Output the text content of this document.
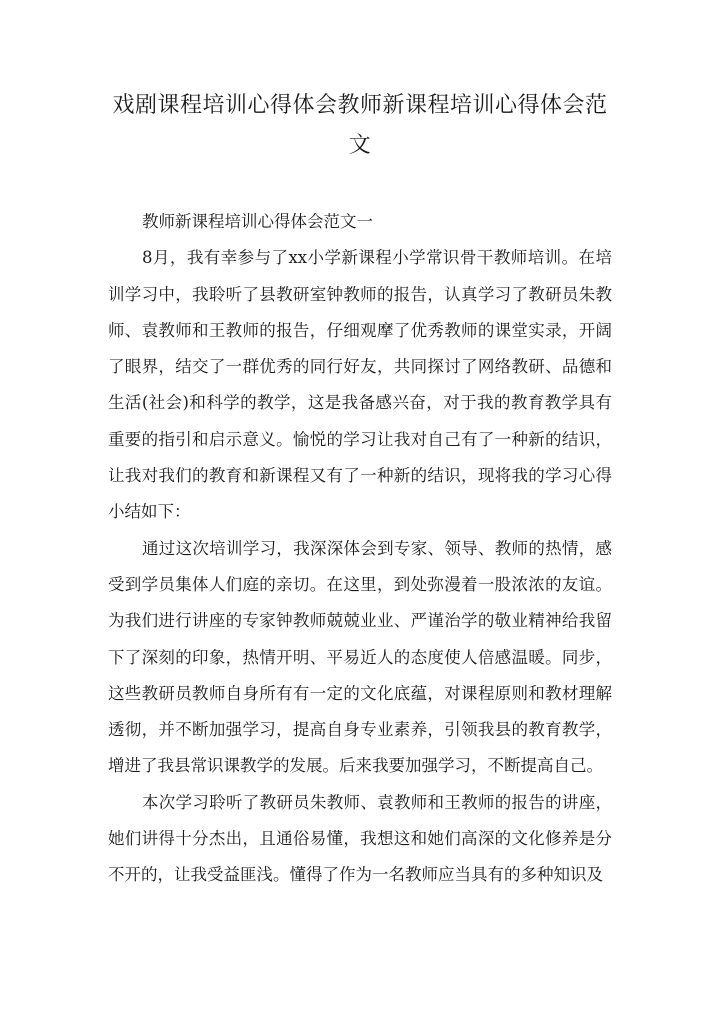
戏剧课程培训心得体会教师新课程培训心得体会范文

教师新课程培训心得体会范文一

8月，我有幸参与了xx小学新课程小学常识骨干教师培训。在培训学习中，我聆听了县教研室钟教师的报告，认真学习了教研员朱教师、袁教师和王教师的报告，仔细观摩了优秀教师的课堂实录，开阔了眼界，结交了一群优秀的同行好友，共同探讨了网络教研、品德和生活(社会)和科学的教学，这是我备感兴奋，对于我的教育教学具有重要的指引和启示意义。愉悦的学习让我对自己有了一种新的结识，让我对我们的教育和新课程又有了一种新的结识，现将我的学习心得小结如下：

通过这次培训学习，我深深体会到专家、领导、教师的热情，感受到学员集体人们庭的亲切。在这里，到处弥漫着一股浓浓的友谊。为我们进行讲座的专家钟教师兢兢业业、严谨治学的敬业精神给我留下了深刻的印象，热情开明、平易近人的态度使人倍感温暖。同步，这些教研员教师自身所有有一定的文化底蕴，对课程原则和教材理解透彻，并不断加强学习，提高自身专业素养，引领我县的教育教学，增进了我县常识课教学的发展。后来我要加强学习，不断提高自己。

本次学习聆听了教研员朱教师、袁教师和王教师的报告的讲座，她们讲得十分杰出，且通俗易懂，我想这和她们高深的文化修养是分不开的，让我受益匪浅。懂得了作为一名教师应当具有的多种知识及
